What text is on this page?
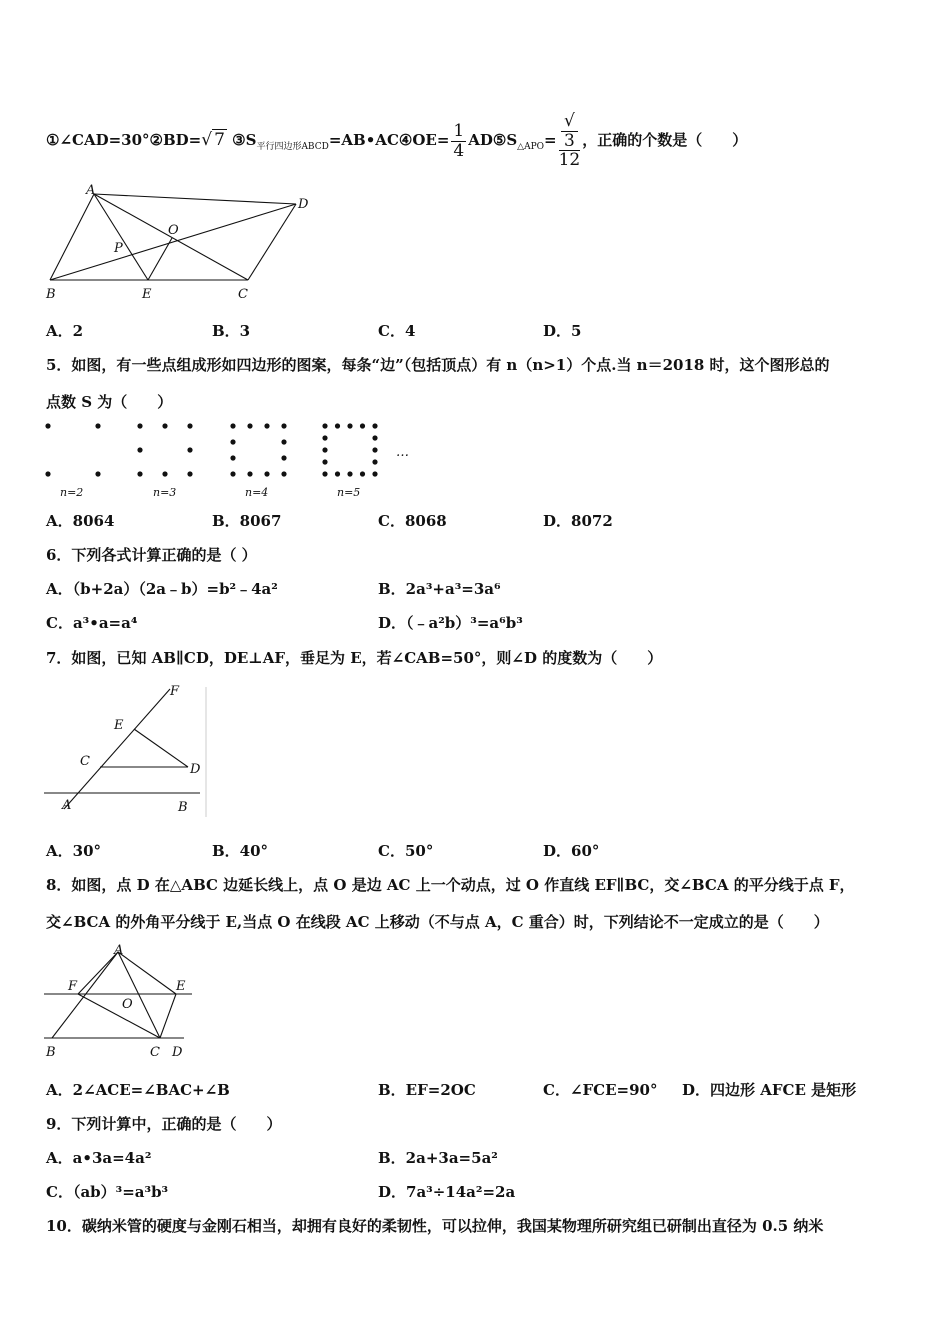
①∠CAD=30°②BD=√ 7 $③S_{平行四边形ABCD}=AB•AC④OE= \frac{1}{4}$ $AD⑤S_{\triangle APO}=$ √
3
12 ，正确的个数是（　　）
A
D
O
P
B	E	C
A．2	B．3	C．4	D．5
5．如图，有一些点组成形如四边形的图案，每条“边”（包括顶点）有 n（n>1）个点.当 n＝2018 时，这个图形总的
点数 S 为（　　）
…
n=2	n=3	n=4	n=5
A．8064	B．8067	C．8068	D．8072
6．下列各式计算正确的是（ ）
A．（b+2a）（2a﹣b）=b²﹣4a²	B．2a³+a³=3a⁶
C．a³•a=a⁴	D．（﹣a²b）³=a⁶b³
7．如图，已知 AB∥CD，DE⊥AF，垂足为 E，若∠CAB=50°，则∠D 的度数为（　　）
F
E
C
D
A	B
A．30°	B．40°	C．50°	D．60°
8．如图，点 D 在△ABC 边延长线上，点 O 是边 AC 上一个动点，过 O 作直线 EF∥BC，交∠BCA 的平分线于点 F，
交∠BCA 的外角平分线于 E,当点 O 在线段 AC 上移动（不与点 A，C 重合）时，下列结论不一定成立的是（　　）
A
F	E
O
B	C D
A．2∠ACE=∠BAC+∠B	B．EF=2OC	C．∠FCE=90° D．四边形 AFCE 是矩形
9．下列计算中，正确的是（　　）
A．a•3a=4a²	B．2a+3a=5a²
C．（ab）³=a³b³	D．7a³÷14a²=2a
10．碳纳米管的硬度与金刚石相当，却拥有良好的柔韧性，可以拉伸，我国某物理所研究组已研制出直径为 0.5 纳米
